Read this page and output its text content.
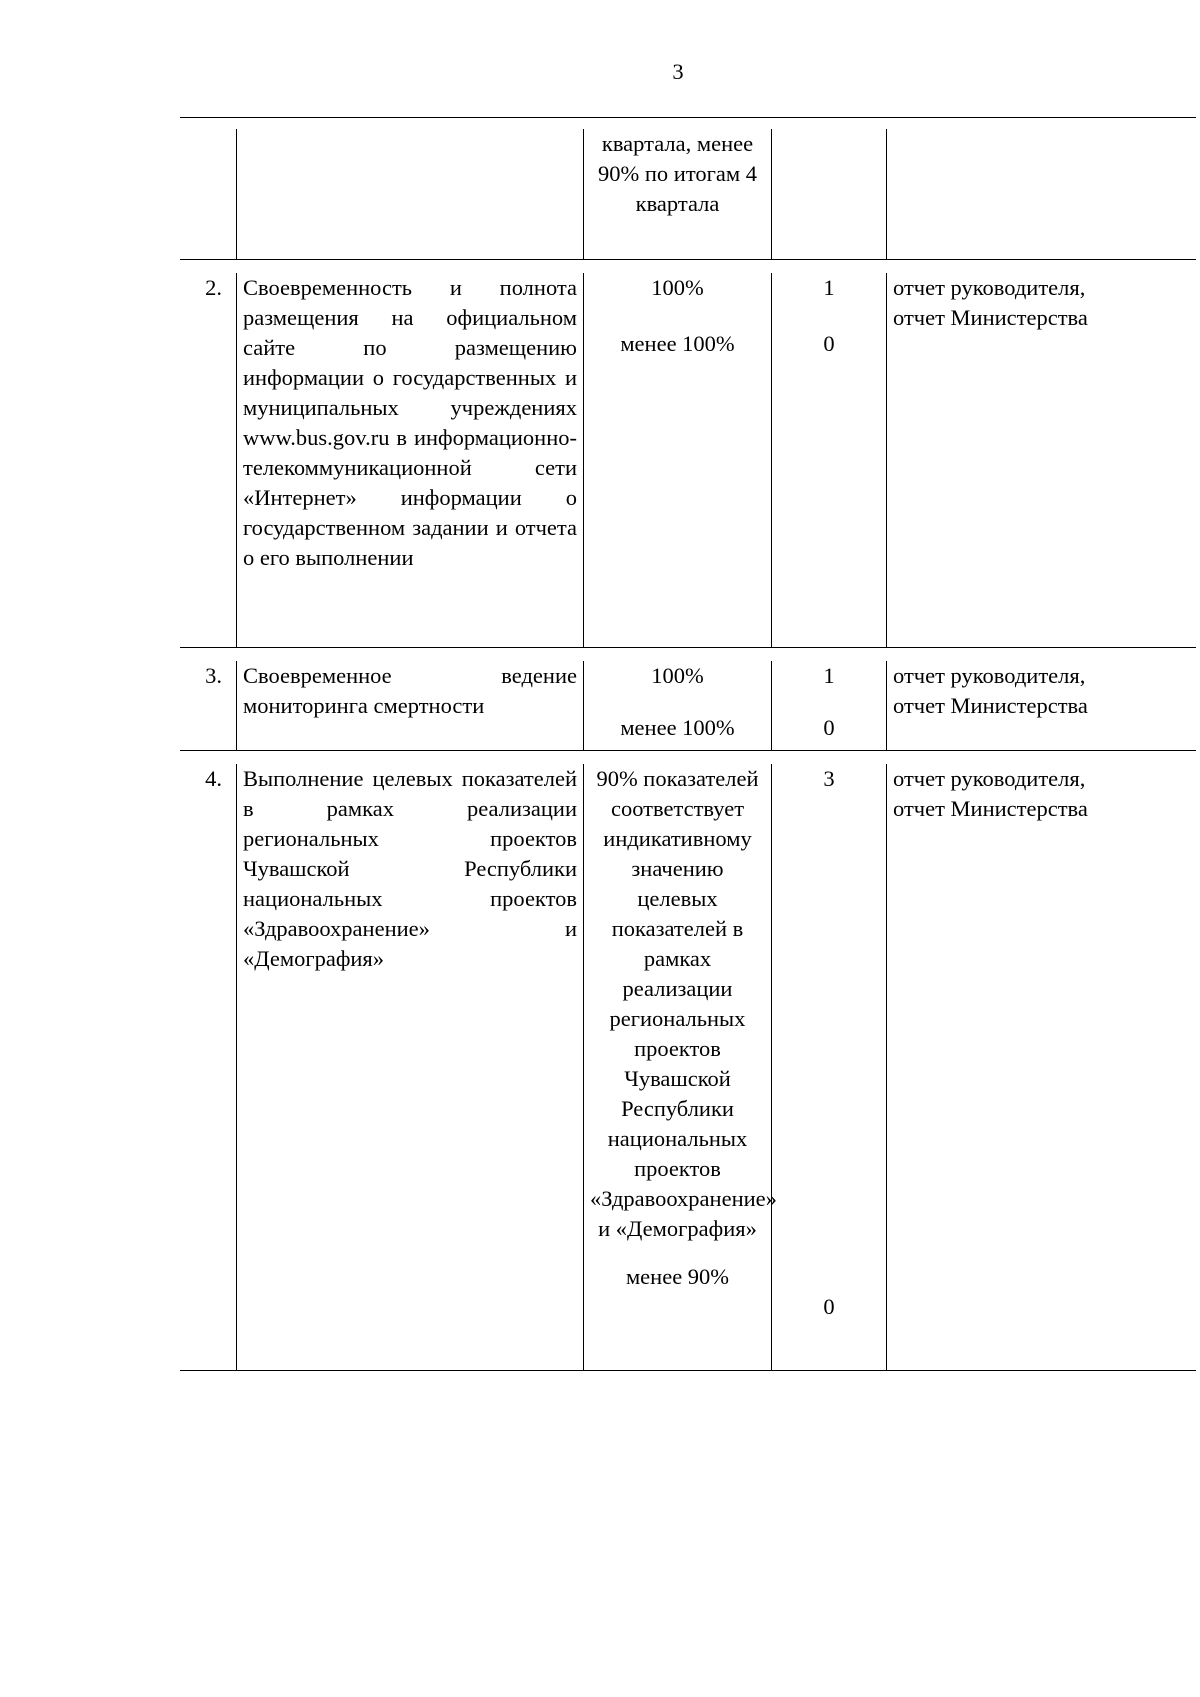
3
квартала, менее 90% по итогам 4 квартала
2. Своевременность и полнота размещения на официальном сайте по размещению информации о государственных и муниципальных учреждениях www.bus.gov.ru в информационно-телекоммуникационной сети «Интернет» информации о государственном задании и отчета о его выполнении
100%
менее 100%
1
0
отчет руководителя, отчет Министерства
3. Своевременное ведение мониторинга смертности
100%
менее 100%
1
0
отчет руководителя, отчет Министерства
4. Выполнение целевых показателей в рамках реализации региональных проектов Чувашской Республики национальных проектов «Здравоохранение» и «Демография»
90% показателей соответствует индикативному значению целевых показателей в рамках реализации региональных проектов Чувашской Республики национальных проектов «Здравоохранение» и «Демография»
менее 90%
3
0
отчет руководителя, отчет Министерства
